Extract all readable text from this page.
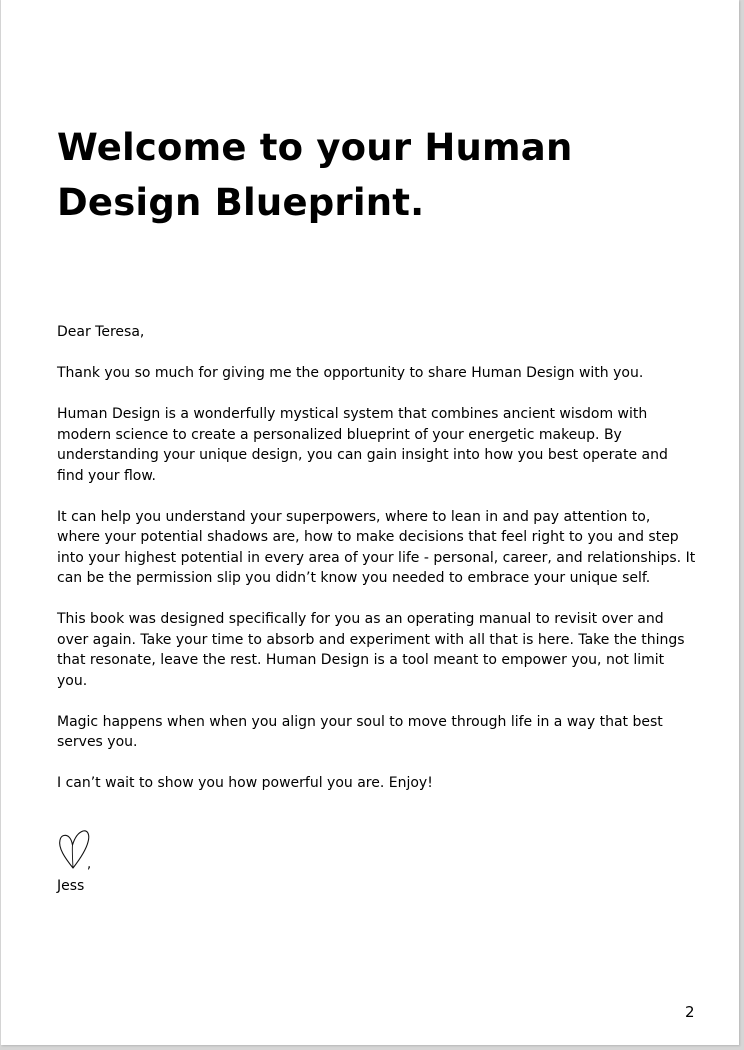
Welcome to your Human Design Blueprint.

Dear Teresa,

Thank you so much for giving me the opportunity to share Human Design with you.

Human Design is a wonderfully mystical system that combines ancient wisdom with modern science to create a personalized blueprint of your energetic makeup. By understanding your unique design, you can gain insight into how you best operate and find your flow.

It can help you understand your superpowers, where to lean in and pay attention to, where your potential shadows are, how to make decisions that feel right to you and step into your highest potential in every area of your life - personal, career, and relationships. It can be the permission slip you didn’t know you needed to embrace your unique self.

This book was designed specifically for you as an operating manual to revisit over and over again. Take your time to absorb and experiment with all that is here. Take the things that resonate, leave the rest. Human Design is a tool meant to empower you, not limit you.

Magic happens when when you align your soul to move through life in a way that best serves you.

I can’t wait to show you how powerful you are. Enjoy!

,
Jess
2
